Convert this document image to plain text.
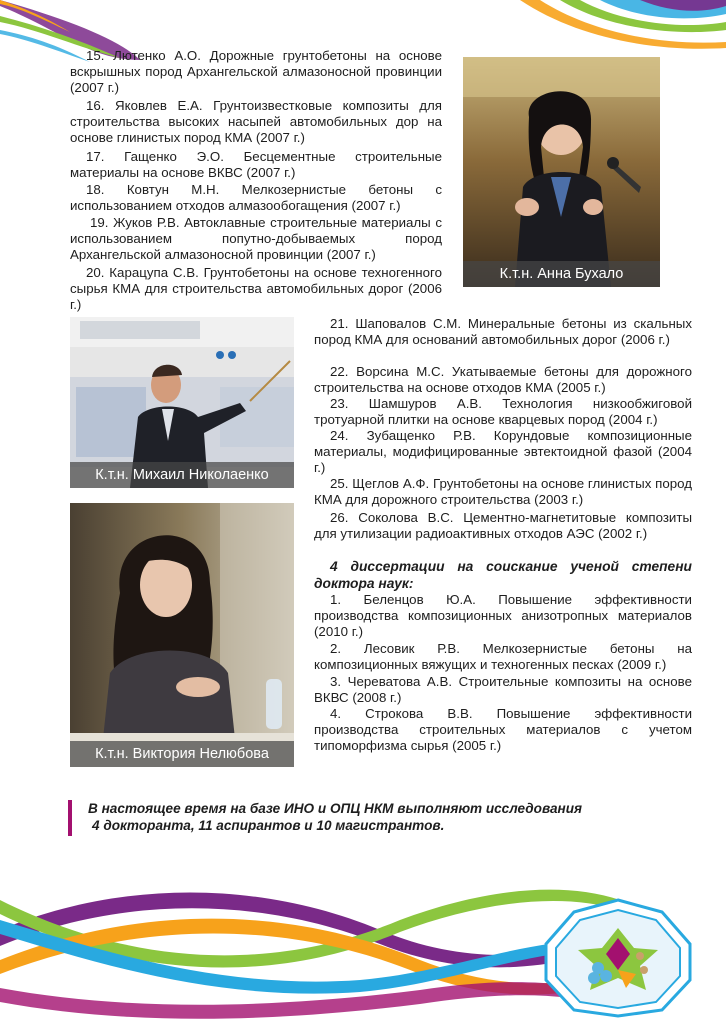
15. Лютенко А.О. Дорожные грунтобетоны на основе вскрышных пород Архангельской алмазоносной провинции (2007 г.)

16. Яковлев Е.А. Грунтоизвестковые композиты для строительства высоких насыпей автомобильных дор на основе глинистых пород КМА (2007 г.)

17. Гащенко Э.О. Бесцементные строительные материалы на основе ВКВС (2007 г.)

18. Ковтун М.Н. Мелкозернистые бетоны с использованием отходов алмазообогащения (2007 г.)

19. Жуков Р.В. Автоклавные строительные материалы с использованием попутно-добываемых пород Архангельской алмазоносной провинции (2007 г.)

20. Карацупа С.В. Грунтобетоны на основе техногенного сырья КМА для строительства автомобильных дорог (2006 г.)

21. Шаповалов С.М. Минеральные бетоны из скальных пород КМА для оснований автомобильных дорог (2006 г.)

22. Ворсина М.С. Укатываемые бетоны для дорожного строительства на основе отходов КМА (2005 г.)

23. Шамшуров А.В. Технология низкообжиговой тротуарной плитки на основе кварцевых пород (2004 г.)

24. Зубащенко Р.В. Корундовые композиционные материалы, модифицированные эвтектоидной фазой (2004 г.)

25. Щеглов А.Ф. Грунтобетоны на основе глинистых пород КМА для дорожного строительства (2003 г.)

26. Соколова В.С. Цементно-магнетитовые композиты для утилизации радиоактивных отходов АЭС (2002 г.)

4 диссертации на соискание ученой степени доктора наук:

1. Беленцов Ю.А. Повышение эффективности производства композиционных анизотропных материалов (2010 г.)

2. Лесовик Р.В. Мелкозернистые бетоны на композиционных вяжущих и техногенных песках (2009 г.)

3. Череватова А.В. Строительные композиты на основе ВКВС (2008 г.)

4. Строкова В.В. Повышение эффективности производства строительных материалов с учетом типоморфизма сырья (2005 г.)

К.т.н. Анна Бухало
К.т.н. Михаил Николаенко
К.т.н. Виктория Нелюбова

В настоящее время на базе ИНО и ОПЦ НКМ выполняют исследования

4 докторанта, 11 аспирантов и 10 магистрантов.
